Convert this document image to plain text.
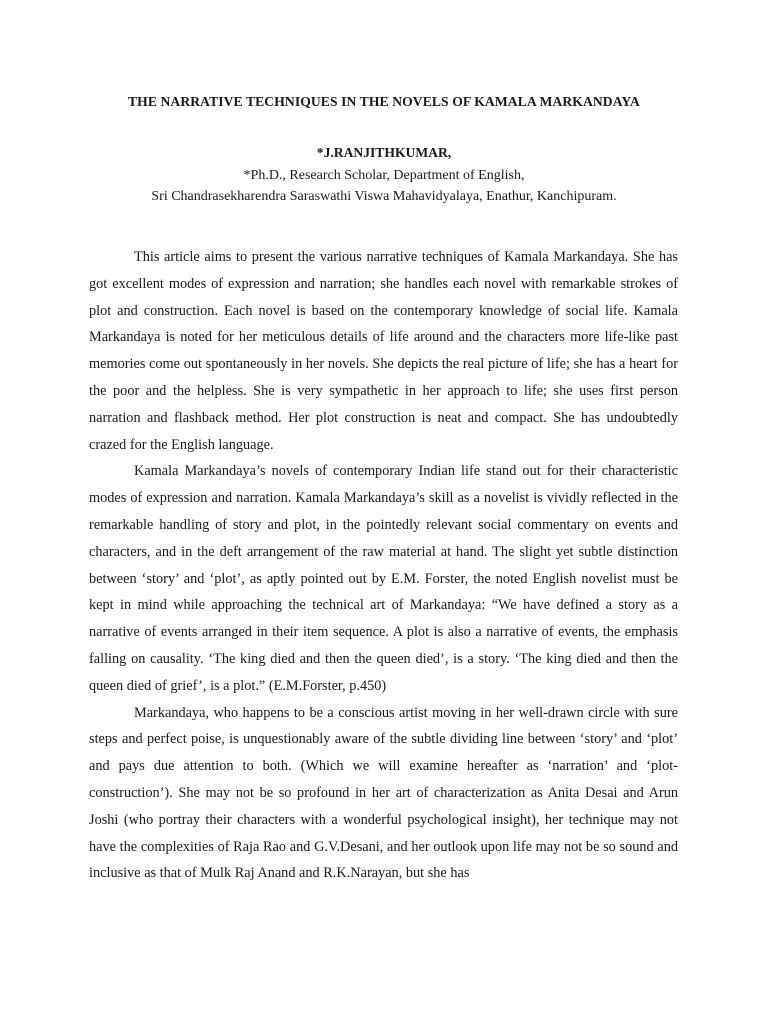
THE NARRATIVE TECHNIQUES IN THE NOVELS OF KAMALA MARKANDAYA
*J.RANJITHKUMAR,
*Ph.D., Research Scholar, Department of English,
Sri Chandrasekharendra Saraswathi Viswa Mahavidyalaya, Enathur, Kanchipuram.

This article aims to present the various narrative techniques of Kamala Markandaya. She has got excellent modes of expression and narration; she handles each novel with remarkable strokes of plot and construction. Each novel is based on the contemporary knowledge of social life. Kamala Markandaya is noted for her meticulous details of life around and the characters more life-like past memories come out spontaneously in her novels. She depicts the real picture of life; she has a heart for the poor and the helpless. She is very sympathetic in her approach to life; she uses first person narration and flashback method. Her plot construction is neat and compact. She has undoubtedly crazed for the English language.

Kamala Markandaya’s novels of contemporary Indian life stand out for their characteristic modes of expression and narration. Kamala Markandaya’s skill as a novelist is vividly reflected in the remarkable handling of story and plot, in the pointedly relevant social commentary on events and characters, and in the deft arrangement of the raw material at hand. The slight yet subtle distinction between ‘story’ and ‘plot’, as aptly pointed out by E.M. Forster, the noted English novelist must be kept in mind while approaching the technical art of Markandaya: “We have defined a story as a narrative of events arranged in their item sequence. A plot is also a narrative of events, the emphasis falling on causality. ‘The king died and then the queen died’, is a story. ‘The king died and then the queen died of grief’, is a plot.” (E.M.Forster, p.450)

Markandaya, who happens to be a conscious artist moving in her well-drawn circle with sure steps and perfect poise, is unquestionably aware of the subtle dividing line between ‘story’ and ‘plot’ and pays due attention to both. (Which we will examine hereafter as ‘narration’ and ‘plot-construction’). She may not be so profound in her art of characterization as Anita Desai and Arun Joshi (who portray their characters with a wonderful psychological insight), her technique may not have the complexities of Raja Rao and G.V.Desani, and her outlook upon life may not be so sound and inclusive as that of Mulk Raj Anand and R.K.Narayan, but she has
